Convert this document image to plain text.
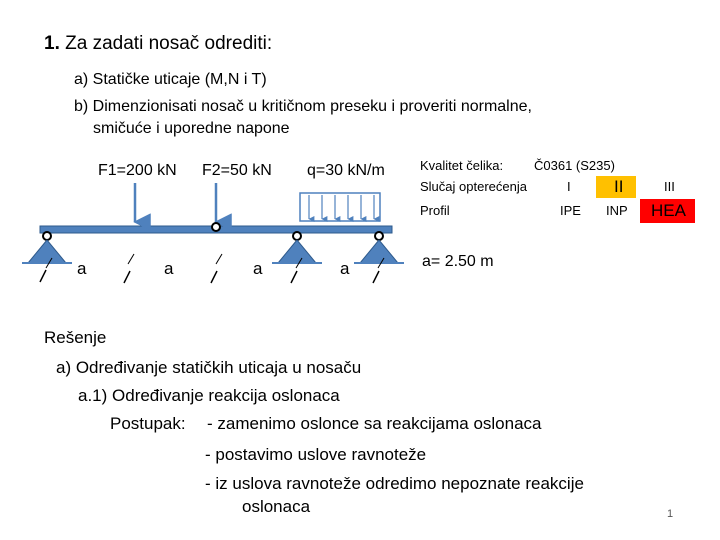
1. Za zadati nosač odrediti:
a) Statičke uticaje (M,N i T)
b) Dimenzionisati nosač u kritičnom preseku i proveriti normalne,
smičuće i uporedne napone
F1=200 kN F2=50 kN q=30 kN/m
a	a	a	a
Kvalitet čelika: Č0361 (S235)
Slučaj opterećenja	I	II	III
Profil	IPE INP HEA
a= 2.50 m
Rešenje
a) Određivanje statičkih uticaja u nosaču
a.1) Određivanje reakcija oslonaca
Postupak: - zamenimo oslonce sa reakcijama oslonaca
- postavimo uslove ravnoteže
- iz uslova ravnoteže odredimo nepoznate reakcije
oslonaca	1
